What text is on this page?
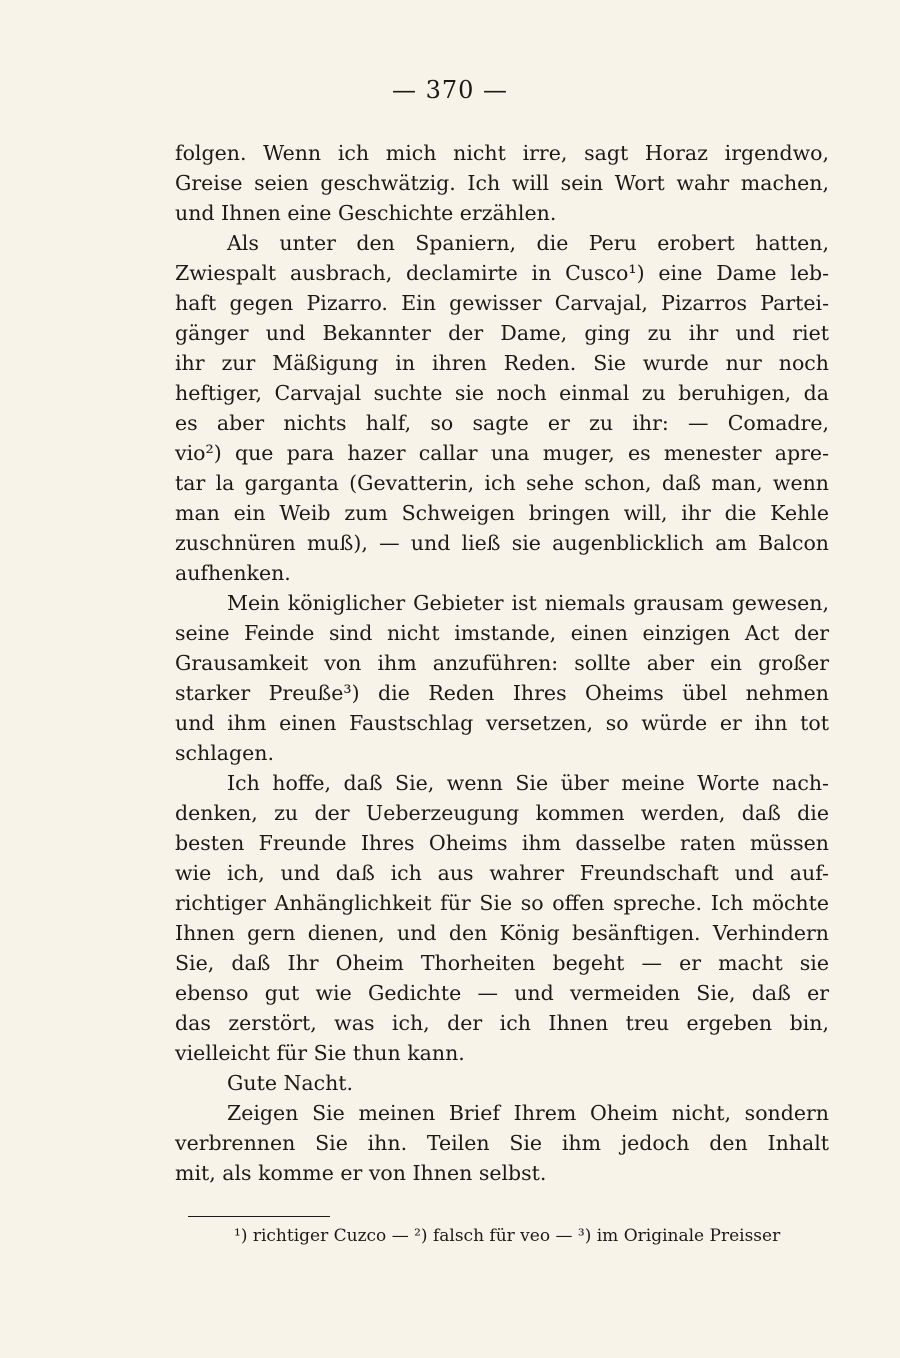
— 370 —
folgen. Wenn ich mich nicht irre, sagt Horaz irgendwo,
Greise seien geschwätzig. Ich will sein Wort wahr machen,
und Ihnen eine Geschichte erzählen.
Als unter den Spaniern, die Peru erobert hatten,
Zwiespalt ausbrach, declamirte in Cusco¹) eine Dame leb-
haft gegen Pizarro. Ein gewisser Carvajal, Pizarros Partei-
gänger und Bekannter der Dame, ging zu ihr und riet
ihr zur Mäßigung in ihren Reden. Sie wurde nur noch
heftiger, Carvajal suchte sie noch einmal zu beruhigen, da
es aber nichts half, so sagte er zu ihr: — Comadre,
vio²) que para hazer callar una muger, es menester apre-
tar la garganta (Gevatterin, ich sehe schon, daß man, wenn
man ein Weib zum Schweigen bringen will, ihr die Kehle
zuschnüren muß), — und ließ sie augenblicklich am Balcon
aufhenken.
Mein königlicher Gebieter ist niemals grausam gewesen,
seine Feinde sind nicht imstande, einen einzigen Act der
Grausamkeit von ihm anzuführen: sollte aber ein großer
starker Preuße³) die Reden Ihres Oheims übel nehmen
und ihm einen Faustschlag versetzen, so würde er ihn tot
schlagen.
Ich hoffe, daß Sie, wenn Sie über meine Worte nach-
denken, zu der Ueberzeugung kommen werden, daß die
besten Freunde Ihres Oheims ihm dasselbe raten müssen
wie ich, und daß ich aus wahrer Freundschaft und auf-
richtiger Anhänglichkeit für Sie so offen spreche. Ich möchte
Ihnen gern dienen, und den König besänftigen. Verhindern
Sie, daß Ihr Oheim Thorheiten begeht — er macht sie
ebenso gut wie Gedichte — und vermeiden Sie, daß er
das zerstört, was ich, der ich Ihnen treu ergeben bin,
vielleicht für Sie thun kann.
Gute Nacht.
Zeigen Sie meinen Brief Ihrem Oheim nicht, sondern
verbrennen Sie ihn. Teilen Sie ihm jedoch den Inhalt
mit, als komme er von Ihnen selbst.
¹) richtiger Cuzco — ²) falsch für veo — ³) im Originale Preisser
